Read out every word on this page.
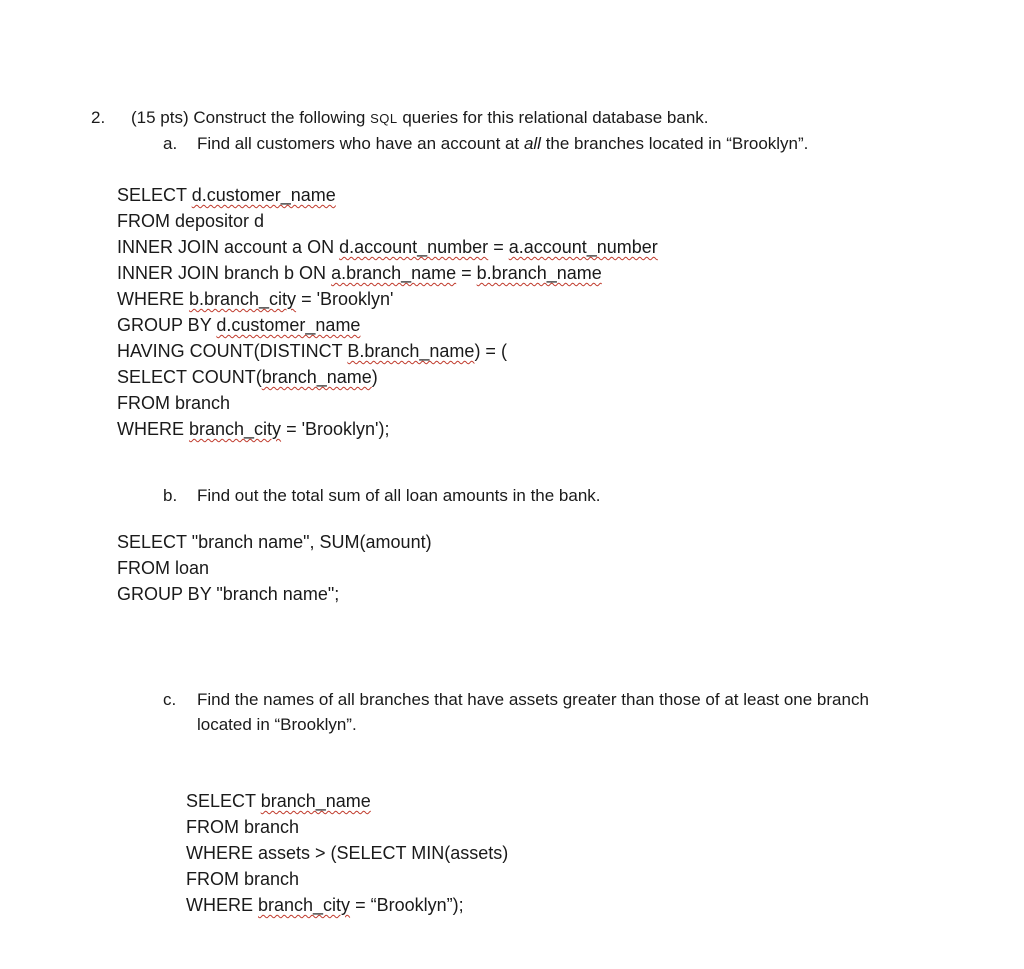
2. (15 pts) Construct the following SQL queries for this relational database bank.
a. Find all customers who have an account at all the branches located in “Brooklyn”.
SELECT d.customer_name
FROM depositor d
INNER JOIN account a ON d.account_number = a.account_number
INNER JOIN branch b ON a.branch_name = b.branch_name
WHERE b.branch_city = 'Brooklyn'
GROUP BY d.customer_name
HAVING COUNT(DISTINCT B.branch_name) = (
SELECT COUNT(branch_name)
FROM branch
WHERE branch_city = 'Brooklyn');
b. Find out the total sum of all loan amounts in the bank.
SELECT "branch name", SUM(amount)
FROM loan
GROUP BY "branch name";
c. Find the names of all branches that have assets greater than those of at least one branch
located in “Brooklyn”.
SELECT branch_name
FROM branch
WHERE assets > (SELECT MIN(assets)
FROM branch
WHERE branch_city = “Brooklyn”);
